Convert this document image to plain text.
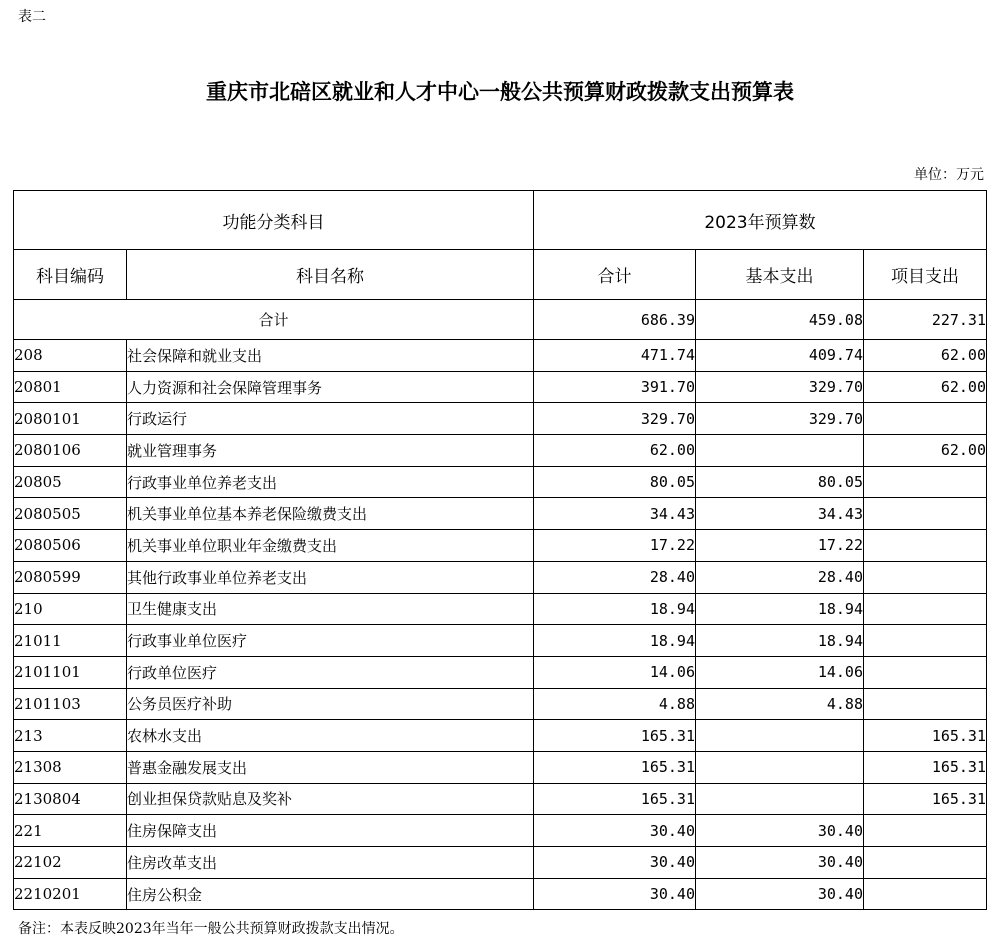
表二
重庆市北碚区就业和人才中心一般公共预算财政拨款支出预算表
单位：万元
功能分类科目		2023年预算数		
科目编码	科目名称	合计	基本支出	项目支出
合计		686.39	459.08	227.31
208	社会保障和就业支出	471.74	409.74	62.00
20801	人力资源和社会保障管理事务	391.70	329.70	62.00
2080101	行政运行	329.70	329.70	
2080106	就业管理事务	62.00		62.00
20805	行政事业单位养老支出	80.05	80.05	
2080505	机关事业单位基本养老保险缴费支出	34.43	34.43	
2080506	机关事业单位职业年金缴费支出	17.22	17.22	
2080599	其他行政事业单位养老支出	28.40	28.40	
210	卫生健康支出	18.94	18.94	
21011	行政事业单位医疗	18.94	18.94	
2101101	行政单位医疗	14.06	14.06	
2101103	公务员医疗补助	4.88	4.88	
213	农林水支出	165.31		165.31
21308	普惠金融发展支出	165.31		165.31
2130804	创业担保贷款贴息及奖补	165.31		165.31
221	住房保障支出	30.40	30.40	
22102	住房改革支出	30.40	30.40	
2210201	住房公积金	30.40	30.40	
备注：本表反映2023年当年一般公共预算财政拨款支出情况。
